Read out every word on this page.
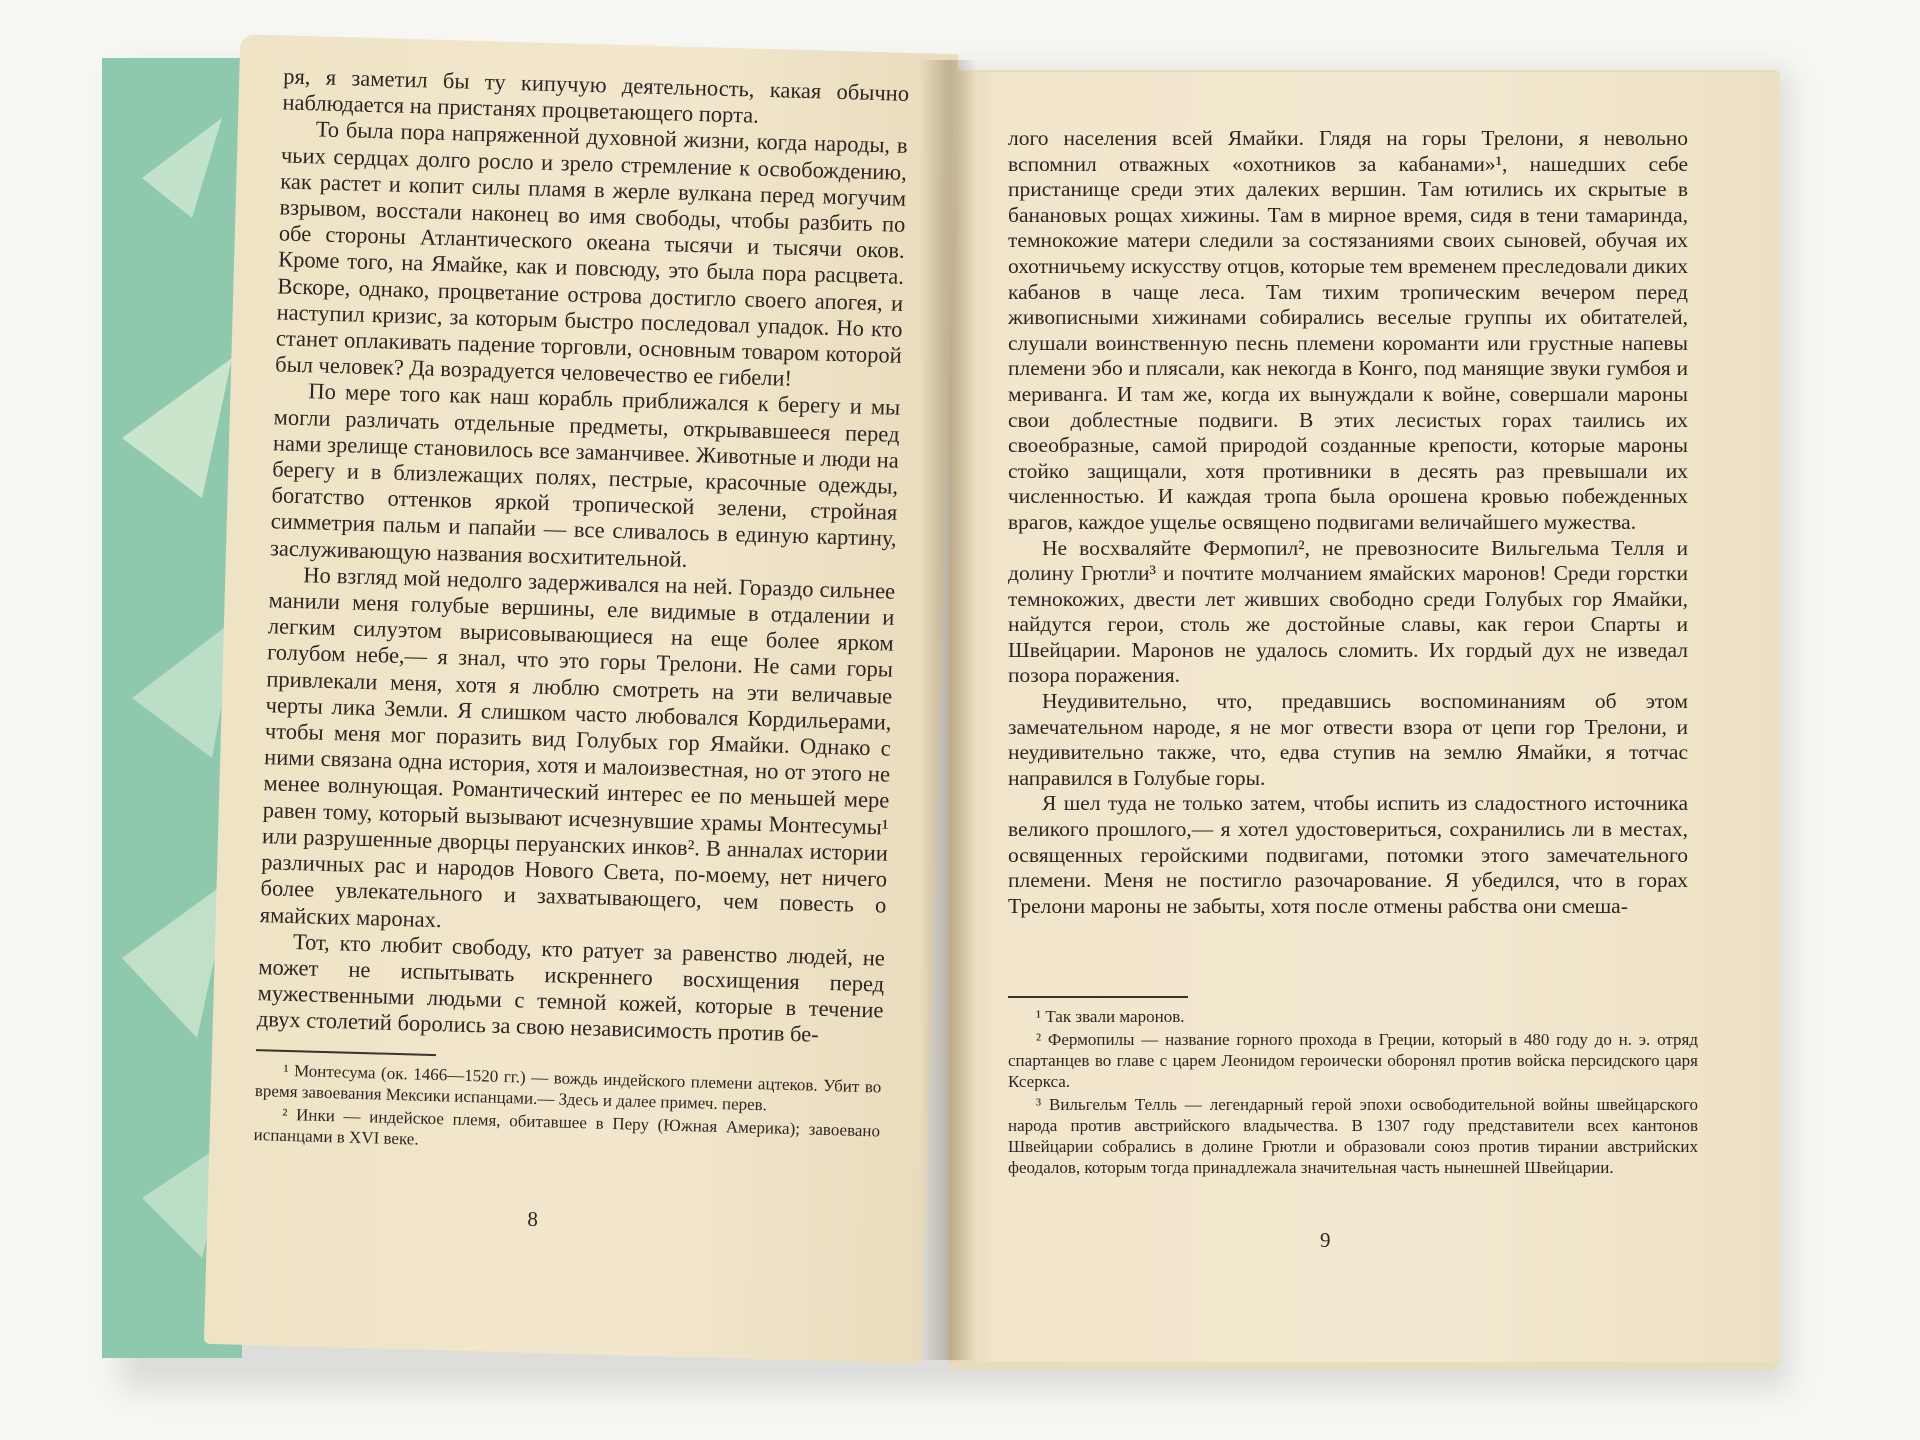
лого населения всей Ямайки. Глядя на горы Трелони, я невольно вспомнил отважных «охотников за кабанами»¹, нашедших себе пристанище среди этих далеких вершин. Там ютились их скрытые в банановых рощах хижины. Там в мирное время, сидя в тени тамаринда, темнокожие матери следили за состязаниями своих сыновей, обучая их охотничьему искусству отцов, которые тем временем преследовали диких кабанов в чаще леса. Там тихим тропическим вечером перед живописными хижинами собирались веселые группы их обитателей, слушали воинственную песнь племени короманти или грустные напевы племени эбо и плясали, как некогда в Конго, под манящие звуки гумбоя и меривангa. И там же, когда их вынуждали к войне, совершали мароны свои доблестные подвиги. В этих лесистых горах таились их своеобразные, самой природой созданные крепости, которые мароны стойко защищали, хотя противники в десять раз превышали их численностью. И каждая тропа была орошена кровью побежденных врагов, каждое ущелье освящено подвигами величайшего мужества.

Не восхваляйте Фермопил², не превозносите Вильгельма Телля и долину Грютли³ и почтите молчанием ямайских маронов! Среди горстки темнокожих, двести лет живших свободно среди Голубых гор Ямайки, найдутся герои, столь же достойные славы, как герои Спарты и Швейцарии. Маронов не удалось сломить. Их гордый дух не изведал позора поражения.

Неудивительно, что, предавшись воспоминаниям об этом замечательном народе, я не мог отвести взора от цепи гор Трелони, и неудивительно также, что, едва ступив на землю Ямайки, я тотчас направился в Голубые горы.

Я шел туда не только затем, чтобы испить из сладостного источника великого прошлого,— я хотел удостовериться, сохранились ли в местах, освященных геройскими подвигами, потомки этого замечательного племени. Меня не постигло разочарование. Я убедился, что в горах Трелони мароны не забыты, хотя после отмены рабства они смеша-

¹ Так звали маронов.

² Фермопилы — название горного прохода в Греции, который в 480 году до н. э. отряд спартанцев во главе с царем Леонидом героически оборонял против войска персидского царя Ксеркса.

³ Вильгельм Телль — легендарный герой эпохи освободительной войны швейцарского народа против австрийского владычества. В 1307 году представители всех кантонов Швейцарии собрались в долине Грютли и образовали союз против тирании австрийских феодалов, которым тогда принадлежала значительная часть нынешней Швейцарии.

9

ря, я заметил бы ту кипучую деятельность, какая обычно наблюдается на пристанях процветающего порта.

То была пора напряженной духовной жизни, когда народы, в чьих сердцах долго росло и зрело стремление к освобождению, как растет и копит силы пламя в жерле вулкана перед могучим взрывом, восстали наконец во имя свободы, чтобы разбить по обе стороны Атлантического океана тысячи и тысячи оков. Кроме того, на Ямайке, как и повсюду, это была пора расцвета. Вскоре, однако, процветание острова достигло своего апогея, и наступил кризис, за которым быстро последовал упадок. Но кто станет оплакивать падение торговли, основным товаром которой был человек? Да возрадуется человечество ее гибели!

По мере того как наш корабль приближался к берегу и мы могли различать отдельные предметы, открывавшееся перед нами зрелище становилось все заманчивее. Животные и люди на берегу и в близлежащих полях, пестрые, красочные одежды, богатство оттенков яркой тропической зелени, стройная симметрия пальм и папайи — все сливалось в единую картину, заслуживающую названия восхитительной.

Но взгляд мой недолго задерживался на ней. Гораздо сильнее манили меня голубые вершины, еле видимые в отдалении и легким силуэтом вырисовывающиеся на еще более ярком голубом небе,— я знал, что это горы Трелони. Не сами горы привлекали меня, хотя я люблю смотреть на эти величавые черты лика Земли. Я слишком часто любовался Кордильерами, чтобы меня мог поразить вид Голубых гор Ямайки. Однако с ними связана одна история, хотя и малоизвестная, но от этого не менее волнующая. Романтический интерес ее по меньшей мере равен тому, который вызывают исчезнувшие храмы Монтесумы¹ или разрушенные дворцы перуанских инков². В анналах истории различных рас и народов Нового Света, по-моему, нет ничего более увлекательного и захватывающего, чем повесть о ямайских маронах.

Тот, кто любит свободу, кто ратует за равенство людей, не может не испытывать искреннего восхищения перед мужественными людьми с темной кожей, которые в течение двух столетий боролись за свою независимость против бе-

¹ Монтесума (ок. 1466—1520 гг.) — вождь индейского племени ацтеков. Убит во время завоевания Мексики испанцами.— Здесь и далее примеч. перев.

² Инки — индейское племя, обитавшее в Перу (Южная Америка); завоевано испанцами в XVI веке.

8
